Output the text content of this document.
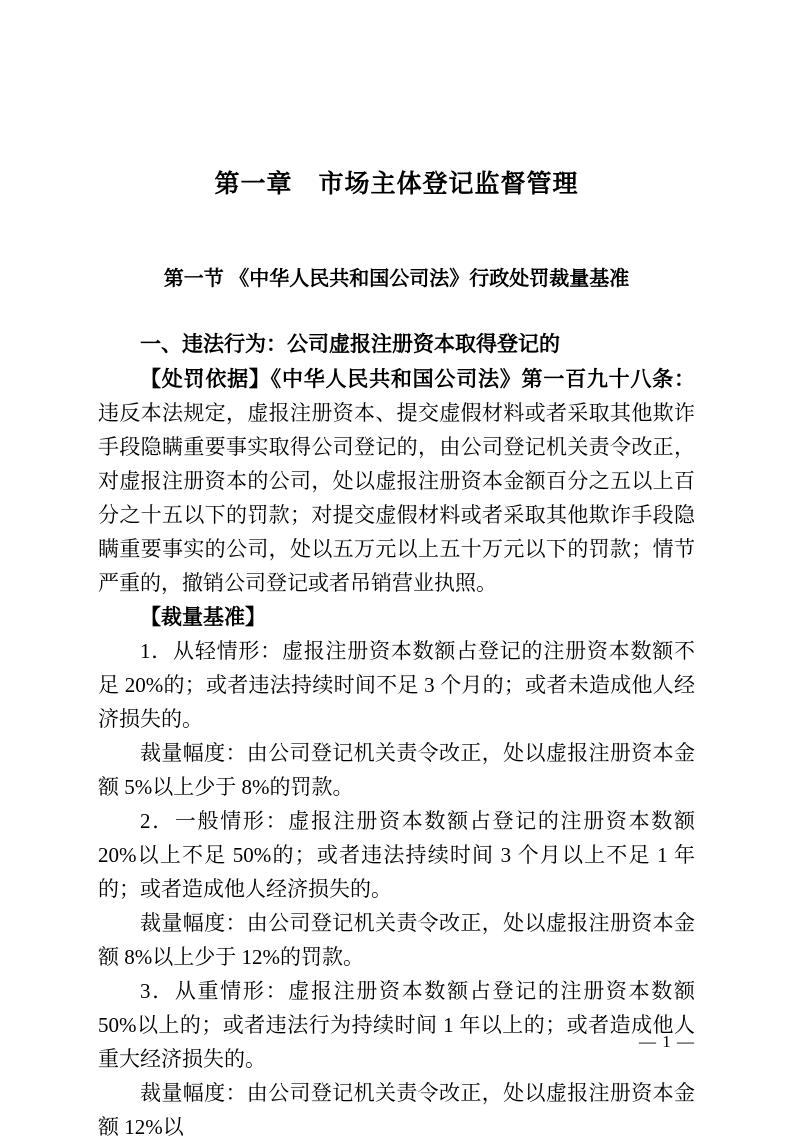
第一章　市场主体登记监督管理
第一节 《中华人民共和国公司法》行政处罚裁量基准

一、违法行为：公司虚报注册资本取得登记的

【处罚依据】《中华人民共和国公司法》第一百九十八条：违反本法规定，虚报注册资本、提交虚假材料或者采取其他欺诈手段隐瞒重要事实取得公司登记的，由公司登记机关责令改正，对虚报注册资本的公司，处以虚报注册资本金额百分之五以上百分之十五以下的罚款；对提交虚假材料或者采取其他欺诈手段隐瞒重要事实的公司，处以五万元以上五十万元以下的罚款；情节严重的，撤销公司登记或者吊销营业执照。

【裁量基准】

1．从轻情形：虚报注册资本数额占登记的注册资本数额不足 20%的；或者违法持续时间不足 3 个月的；或者未造成他人经济损失的。

裁量幅度：由公司登记机关责令改正，处以虚报注册资本金额 5%以上少于 8%的罚款。

2．一般情形：虚报注册资本数额占登记的注册资本数额 20%以上不足 50%的；或者违法持续时间 3 个月以上不足 1 年的；或者造成他人经济损失的。

裁量幅度：由公司登记机关责令改正，处以虚报注册资本金额 8%以上少于 12%的罚款。

3．从重情形：虚报注册资本数额占登记的注册资本数额 50%以上的；或者违法行为持续时间 1 年以上的；或者造成他人重大经济损失的。

裁量幅度：由公司登记机关责令改正，处以虚报注册资本金额 12%以

— 1 —
